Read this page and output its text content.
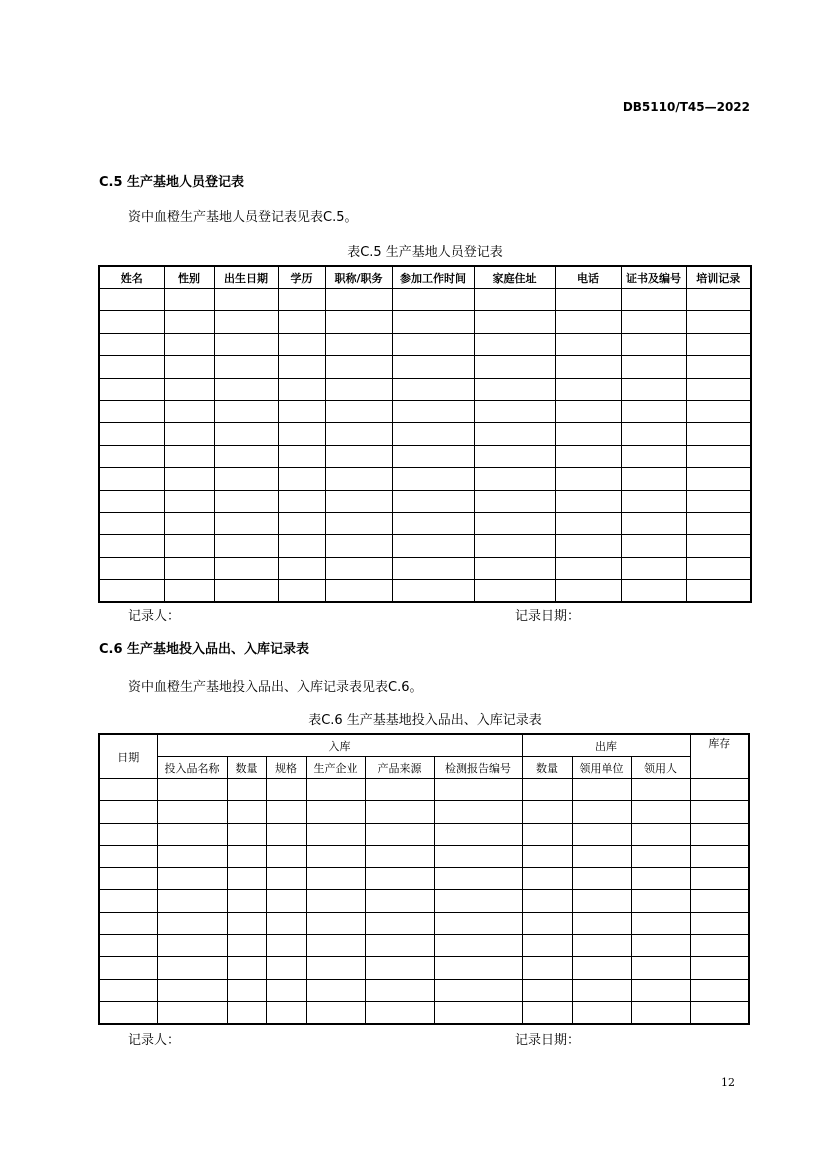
DB5110/T45—2022
C.5 生产基地人员登记表
资中血橙生产基地人员登记表见表C.5。
表C.5 生产基地人员登记表
姓名	性别	出生日期	学历	职称/职务	参加工作时间	家庭住址	电话	证书及编号	培训记录

记录人：	记录日期：
C.6 生产基地投入品出、入库记录表
资中血橙生产基地投入品出、入库记录表见表C.6。
表C.6 生产基基地投入品出、入库记录表
日期	入库						出库			库存
	投入品名称	数量	规格	生产企业	产品来源	检测报告编号	数量	领用单位	领用人	

记录人：	记录日期：
12
